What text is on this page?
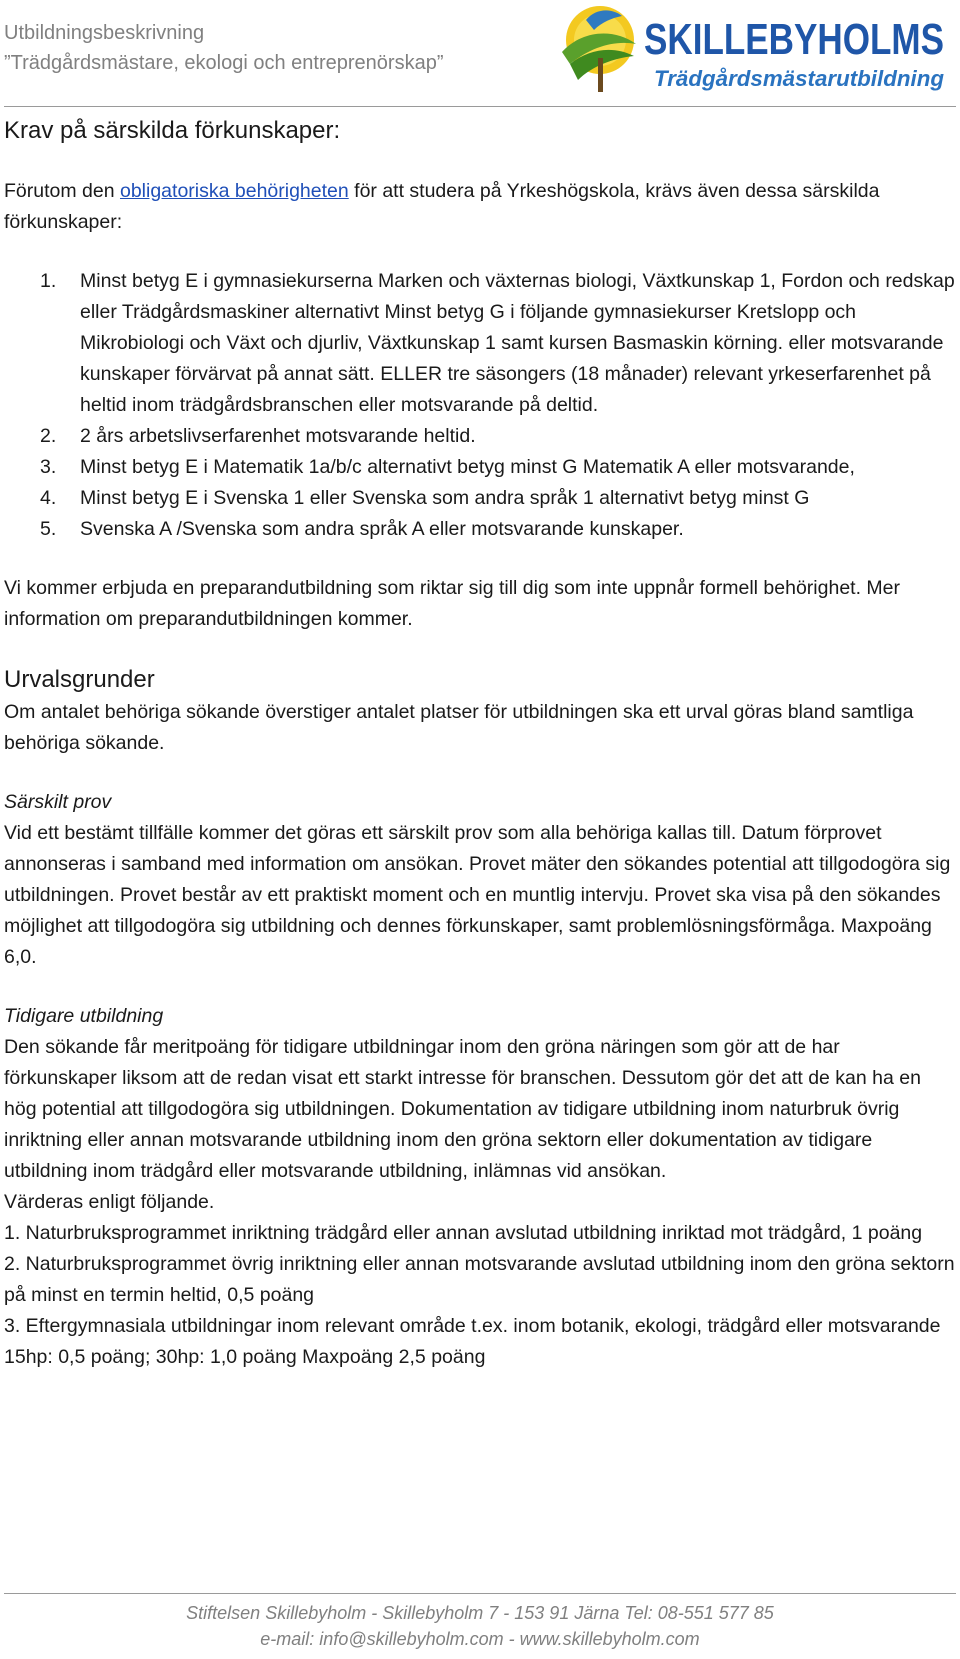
Utbildningsbeskrivning
”Trädgårdsmästare, ekologi och entreprenörskap”	SKILLEBYHOLMS
Trädgårdsmästarutbildning

Krav på särskilda förkunskaper:

Förutom den obligatoriska behörigheten för att studera på Yrkeshögskola, krävs även dessa särskilda förkunskaper:

1. Minst betyg E i gymnasiekurserna Marken och växternas biologi, Växtkunskap 1, Fordon och redskap eller Trädgårdsmaskiner alternativt Minst betyg G i följande gymnasiekurser Kretslopp och Mikrobiologi och Växt och djurliv, Växtkunskap 1 samt kursen Basmaskin körning. eller motsvarande kunskaper förvärvat på annat sätt. ELLER tre säsongers (18 månader) relevant yrkeserfarenhet på heltid inom trädgårdsbranschen eller motsvarande på deltid.
2. 2 års arbetslivserfarenhet motsvarande heltid.
3. Minst betyg E i Matematik 1a/b/c alternativt betyg minst G Matematik A eller motsvarande,
4. Minst betyg E i Svenska 1 eller Svenska som andra språk 1 alternativt betyg minst G
5. Svenska A /Svenska som andra språk A eller motsvarande kunskaper.

Vi kommer erbjuda en preparandutbildning som riktar sig till dig som inte uppnår formell behörighet. Mer information om preparandutbildningen kommer.

Urvalsgrunder

Om antalet behöriga sökande överstiger antalet platser för utbildningen ska ett urval göras bland samtliga behöriga sökande.

Särskilt prov

Vid ett bestämt tillfälle kommer det göras ett särskilt prov som alla behöriga kallas till. Datum förprovet annonseras i samband med information om ansökan. Provet mäter den sökandes potential att tillgodogöra sig utbildningen. Provet består av ett praktiskt moment och en muntlig intervju. Provet ska visa på den sökandes möjlighet att tillgodogöra sig utbildning och dennes förkunskaper, samt problemlösningsförmåga. Maxpoäng 6,0.

Tidigare utbildning

Den sökande får meritpoäng för tidigare utbildningar inom den gröna näringen som gör att de har förkunskaper liksom att de redan visat ett starkt intresse för branschen. Dessutom gör det att de kan ha en hög potential att tillgodogöra sig utbildningen. Dokumentation av tidigare utbildning inom naturbruk övrig inriktning eller annan motsvarande utbildning inom den gröna sektorn eller dokumentation av tidigare utbildning inom trädgård eller motsvarande utbildning, inlämnas vid ansökan.

Värderas enligt följande.

1. Naturbruksprogrammet inriktning trädgård eller annan avslutad utbildning inriktad mot trädgård, 1 poäng

2. Naturbruksprogrammet övrig inriktning eller annan motsvarande avslutad utbildning inom den gröna sektorn på minst en termin heltid, 0,5 poäng

3. Eftergymnasiala utbildningar inom relevant område t.ex. inom botanik, ekologi, trädgård eller motsvarande 15hp: 0,5 poäng; 30hp: 1,0 poäng Maxpoäng 2,5 poäng

Stiftelsen Skillebyholm - Skillebyholm 7 - 153 91 Järna Tel: 08-551 577 85
e-mail: info@skillebyholm.com - www.skillebyholm.com
